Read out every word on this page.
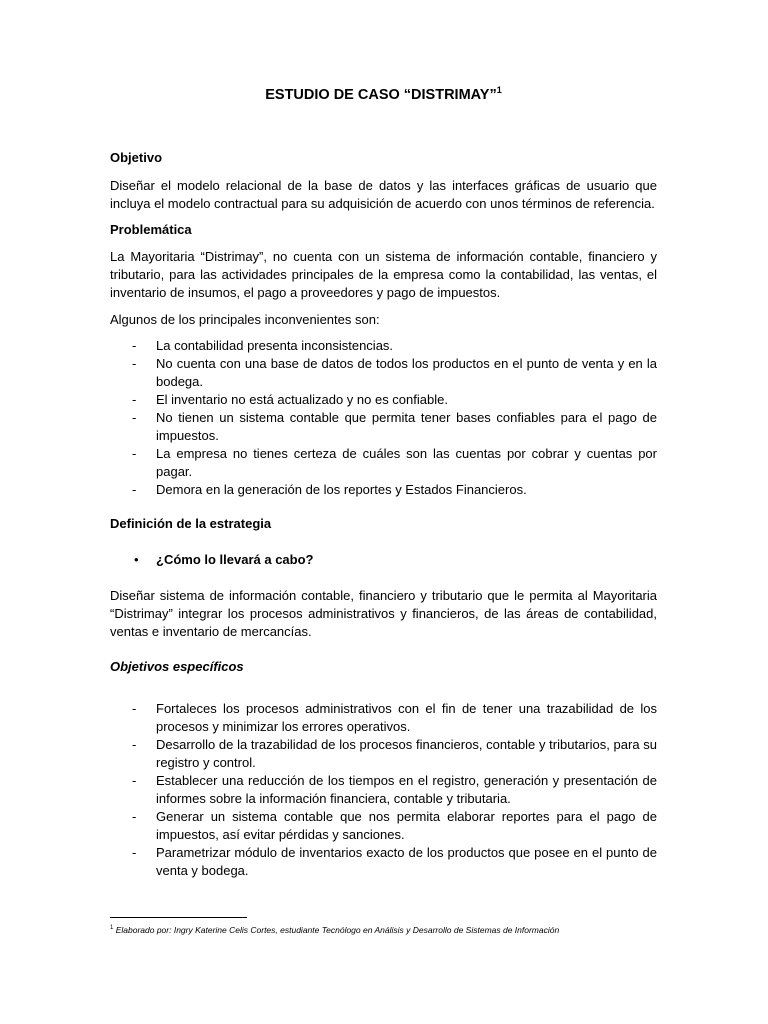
ESTUDIO DE CASO “DISTRIMAY”$^1$

Objetivo

Diseñar el modelo relacional de la base de datos y las interfaces gráficas de usuario que incluya el modelo contractual para su adquisición de acuerdo con unos términos de referencia.

Problemática

La Mayoritaria “Distrimay”, no cuenta con un sistema de información contable, financiero y tributario, para las actividades principales de la empresa como la contabilidad, las ventas, el inventario de insumos, el pago a proveedores y pago de impuestos.

Algunos de los principales inconvenientes son:

- La contabilidad presenta inconsistencias.
- No cuenta con una base de datos de todos los productos en el punto de venta y en la bodega.
- El inventario no está actualizado y no es confiable.
- No tienen un sistema contable que permita tener bases confiables para el pago de impuestos.
- La empresa no tienes certeza de cuáles son las cuentas por cobrar y cuentas por pagar.
- Demora en la generación de los reportes y Estados Financieros.

Definición de la estrategia

• ¿Cómo lo llevará a cabo?

Diseñar sistema de información contable, financiero y tributario que le permita al Mayoritaria “Distrimay” integrar los procesos administrativos y financieros, de las áreas de contabilidad, ventas e inventario de mercancías.

Objetivos específicos

- Fortaleces los procesos administrativos con el fin de tener una trazabilidad de los procesos y minimizar los errores operativos.
- Desarrollo de la trazabilidad de los procesos financieros, contable y tributarios, para su registro y control.
- Establecer una reducción de los tiempos en el registro, generación y presentación de informes sobre la información financiera, contable y tributaria.
- Generar un sistema contable que nos permita elaborar reportes para el pago de impuestos, así evitar pérdidas y sanciones.
- Parametrizar módulo de inventarios exacto de los productos que posee en el punto de venta y bodega.
$^1$ Elaborado por: Ingry Katerine Celis Cortes, estudiante Tecnólogo en Análisis y Desarrollo de Sistemas de Información
